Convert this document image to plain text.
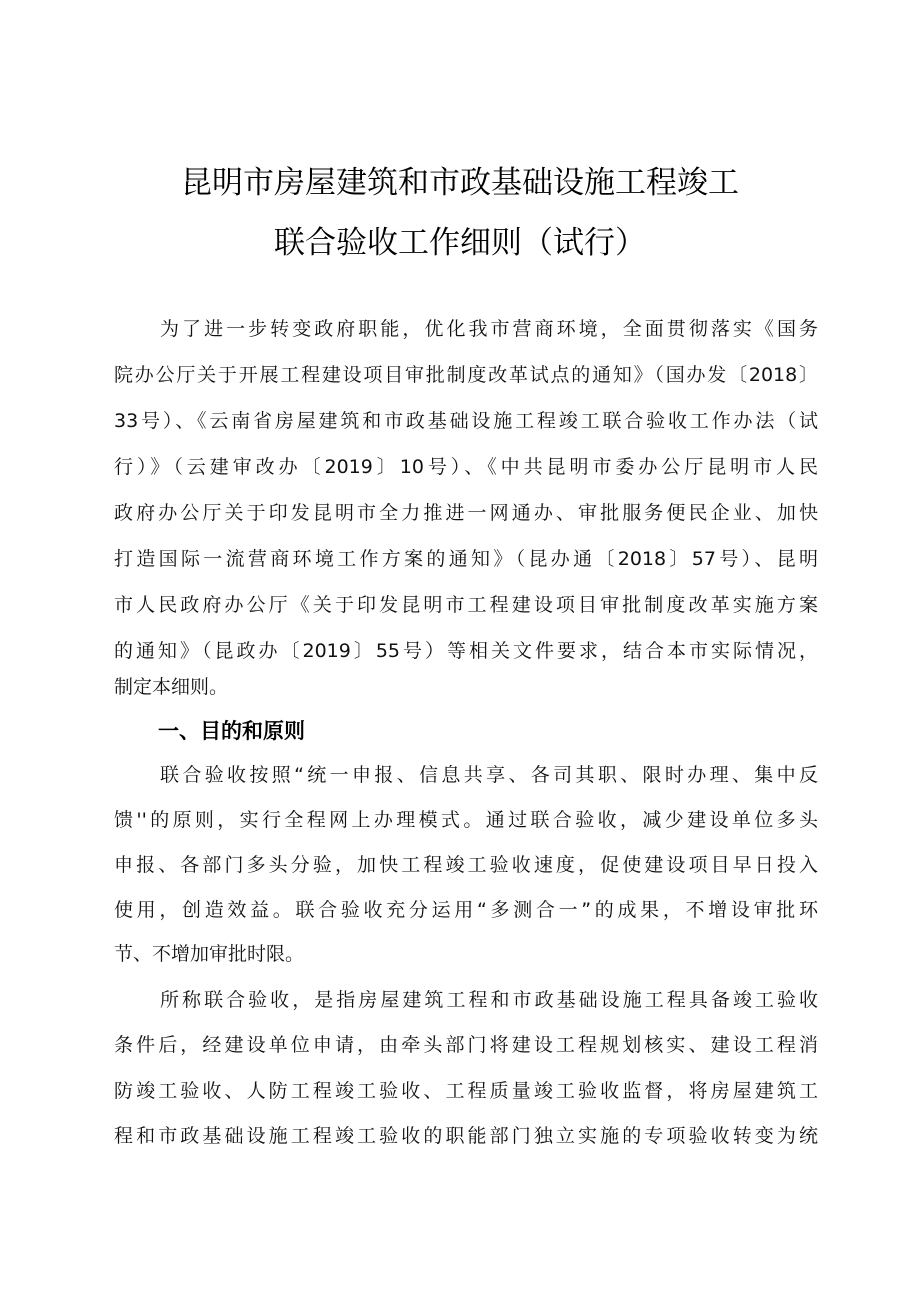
昆明市房屋建筑和市政基础设施工程竣工
联合验收工作细则（试行）
为了进一步转变政府职能，优化我市营商环境，全面贯彻落实《国务
院办公厅关于开展工程建设项目审批制度改革试点的通知》（国办发〔2018〕
33号）、《云南省房屋建筑和市政基础设施工程竣工联合验收工作办法（试
行）》（云建审改办〔2019〕10号）、《中共昆明市委办公厅昆明市人民
政府办公厅关于印发昆明市全力推进一网通办、审批服务便民企业、加快
打造国际一流营商环境工作方案的通知》（昆办通〔2018〕57号）、昆明
市人民政府办公厅《关于印发昆明市工程建设项目审批制度改革实施方案
的通知》（昆政办〔2019〕55号）等相关文件要求，结合本市实际情况，
制定本细则。
一、目的和原则
联合验收按照“统一申报、信息共享、各司其职、限时办理、集中反
馈''的原则，实行全程网上办理模式。通过联合验收，减少建设单位多头
申报、各部门多头分验，加快工程竣工验收速度，促使建设项目早日投入
使用，创造效益。联合验收充分运用“多测合一”的成果，不增设审批环
节、不增加审批时限。
所称联合验收，是指房屋建筑工程和市政基础设施工程具备竣工验收
条件后，经建设单位申请，由牵头部门将建设工程规划核实、建设工程消
防竣工验收、人防工程竣工验收、工程质量竣工验收监督，将房屋建筑工
程和市政基础设施工程竣工验收的职能部门独立实施的专项验收转变为统
